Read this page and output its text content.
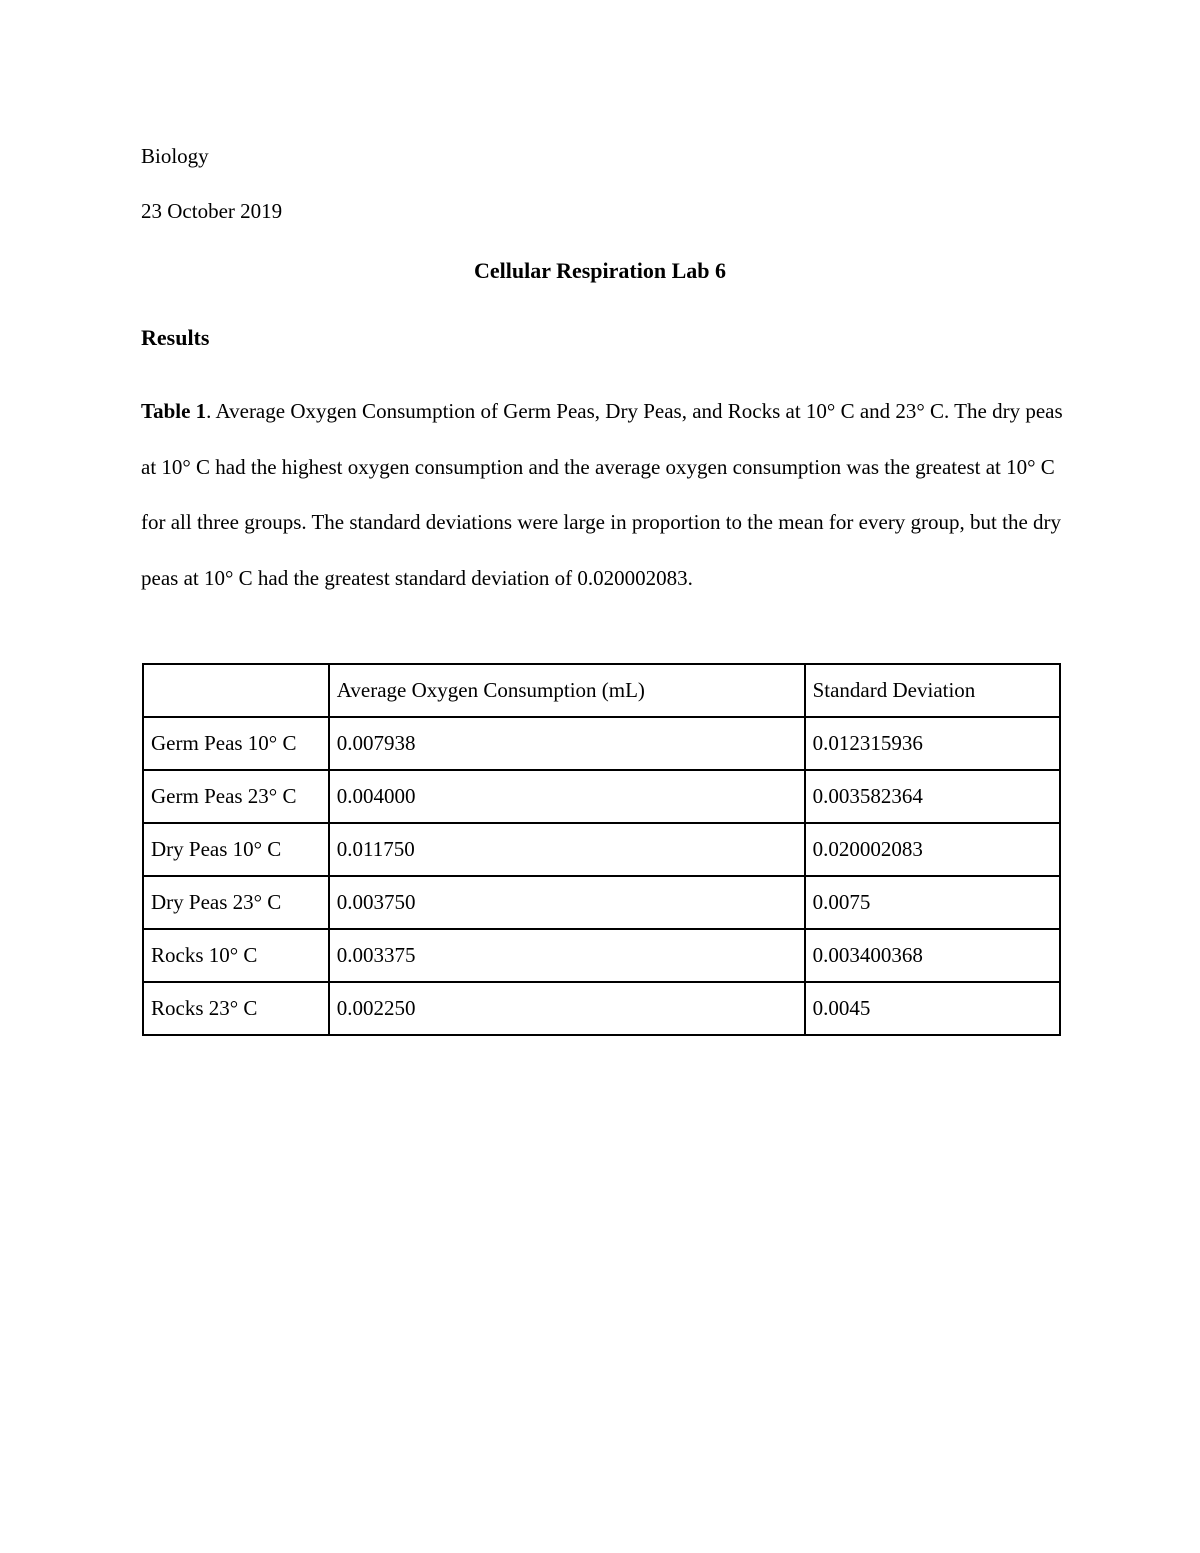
Biology
23 October 2019
Cellular Respiration Lab 6
Results
Table 1. Average Oxygen Consumption of Germ Peas, Dry Peas, and Rocks at 10° C and 23° C. The dry peas at 10° C had the highest oxygen consumption and the average oxygen consumption was the greatest at 10° C for all three groups. The standard deviations were large in proportion to the mean for every group, but the dry peas at 10° C had the greatest standard deviation of 0.020002083.
	Average Oxygen Consumption (mL)	Standard Deviation
Germ Peas 10° C	0.007938	0.012315936
Germ Peas 23° C	0.004000	0.003582364
Dry Peas 10° C	0.011750	0.020002083
Dry Peas 23° C	0.003750	0.0075
Rocks 10° C	0.003375	0.003400368
Rocks 23° C	0.002250	0.0045
